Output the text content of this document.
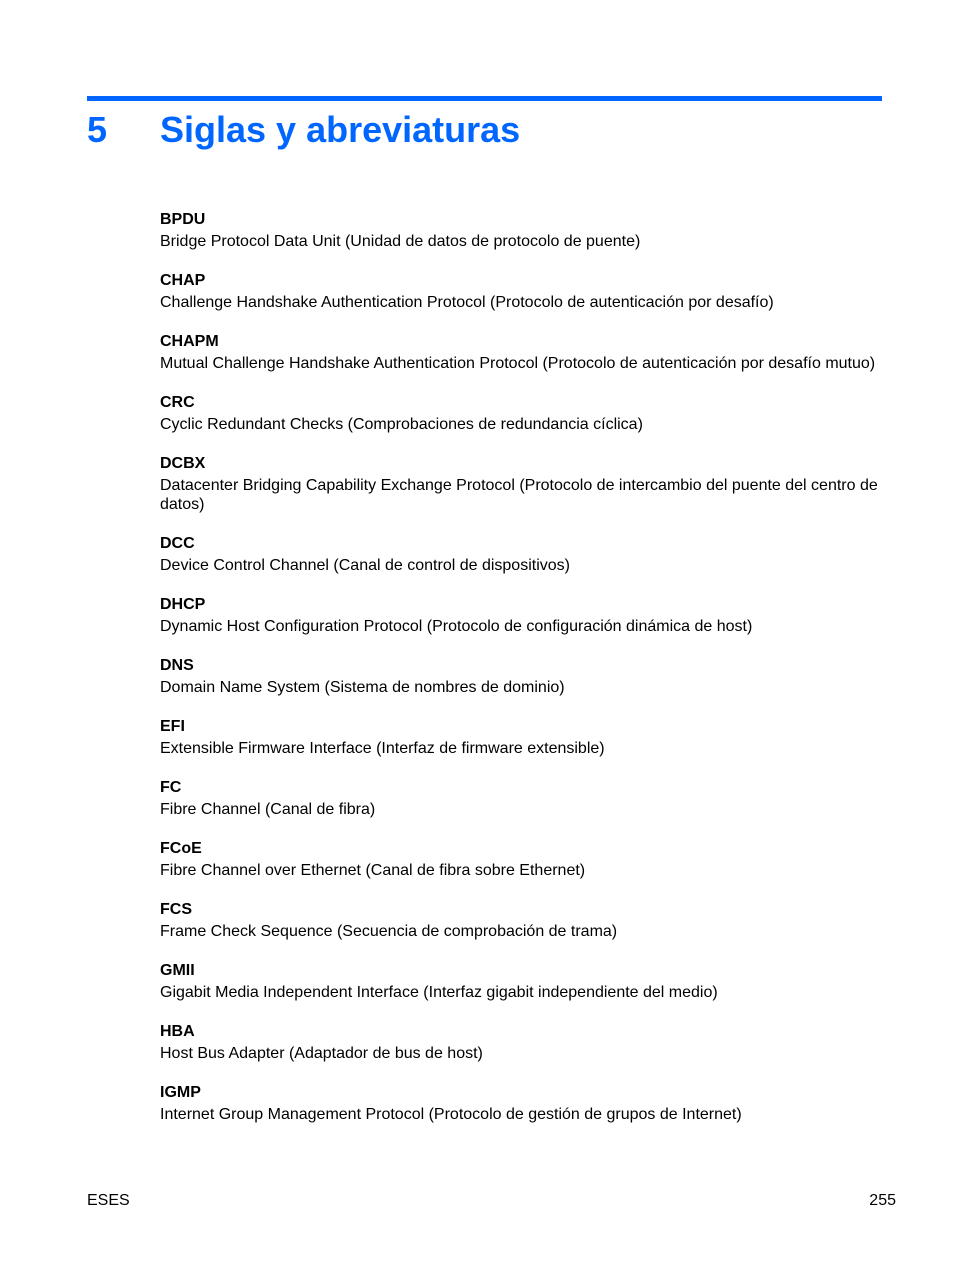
5 Siglas y abreviaturas
BPDU
Bridge Protocol Data Unit (Unidad de datos de protocolo de puente)
CHAP
Challenge Handshake Authentication Protocol (Protocolo de autenticación por desafío)
CHAPM
Mutual Challenge Handshake Authentication Protocol (Protocolo de autenticación por desafío mutuo)
CRC
Cyclic Redundant Checks (Comprobaciones de redundancia cíclica)
DCBX
Datacenter Bridging Capability Exchange Protocol (Protocolo de intercambio del puente del centro de datos)
DCC
Device Control Channel (Canal de control de dispositivos)
DHCP
Dynamic Host Configuration Protocol (Protocolo de configuración dinámica de host)
DNS
Domain Name System (Sistema de nombres de dominio)
EFI
Extensible Firmware Interface (Interfaz de firmware extensible)
FC
Fibre Channel (Canal de fibra)
FCoE
Fibre Channel over Ethernet (Canal de fibra sobre Ethernet)
FCS
Frame Check Sequence (Secuencia de comprobación de trama)
GMII
Gigabit Media Independent Interface (Interfaz gigabit independiente del medio)
HBA
Host Bus Adapter (Adaptador de bus de host)
IGMP
Internet Group Management Protocol (Protocolo de gestión de grupos de Internet)
ESES	255
